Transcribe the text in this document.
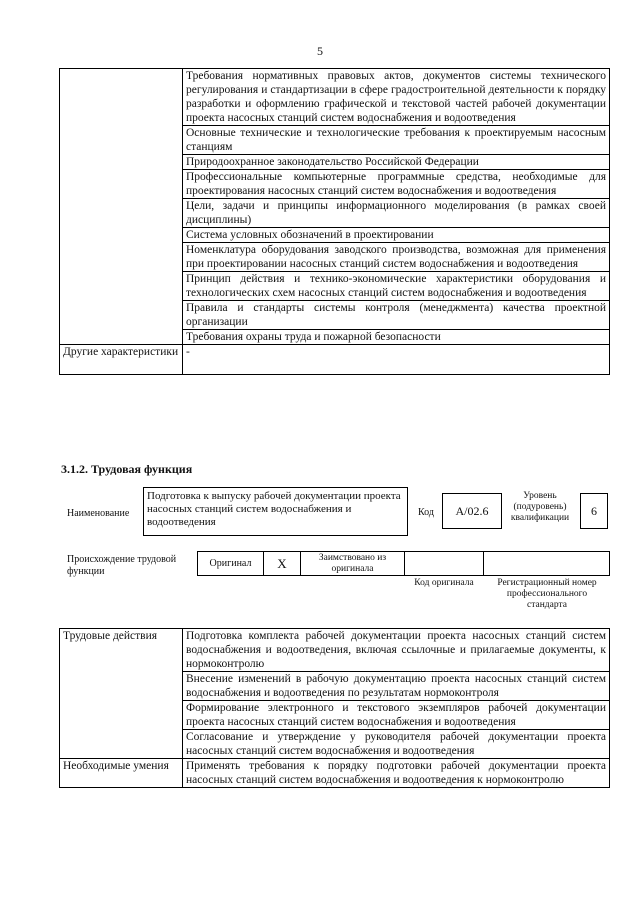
5
	Требования нормативных правовых актов, документов системы технического регулирования и стандартизации в сфере градостроительной деятельности к порядку разработки и оформлению графической и текстовой частей рабочей документации проекта насосных станций систем водоснабжения и водоотведения
	Основные технические и технологические требования к проектируемым насосным станциям
	Природоохранное законодательство Российской Федерации
	Профессиональные компьютерные программные средства, необходимые для проектирования насосных станций систем водоснабжения и водоотведения
	Цели, задачи и принципы информационного моделирования (в рамках своей дисциплины)
	Система условных обозначений в проектировании
	Номенклатура оборудования заводского производства, возможная для применения при проектировании насосных станций систем водоснабжения и водоотведения
	Принцип действия и технико-экономические характеристики оборудования и технологических схем насосных станций систем водоснабжения и водоотведения
	Правила и стандарты системы контроля (менеджмента) качества проектной организации
	Требования охраны труда и пожарной безопасности
Другие характеристики	-
3.1.2. Трудовая функция
Наименование
Подготовка к выпуску рабочей документации проекта насосных станций систем водоснабжения и водоотведения
Код	А/02.6
Уровень (подуровень) квалификации	6
Происхождение трудовой функции
Оригинал	X	Заимствовано из оригинала
Код оригинала	Регистрационный номер профессионального стандарта
Трудовые действия	Подготовка комплекта рабочей документации проекта насосных станций систем водоснабжения и водоотведения, включая ссылочные и прилагаемые документы, к нормоконтролю
	Внесение изменений в рабочую документацию проекта насосных станций систем водоснабжения и водоотведения по результатам нормоконтроля
	Формирование электронного и текстового экземпляров рабочей документации проекта насосных станций систем водоснабжения и водоотведения
	Согласование и утверждение у руководителя рабочей документации проекта насосных станций систем водоснабжения и водоотведения
Необходимые умения	Применять требования к порядку подготовки рабочей документации проекта насосных станций систем водоснабжения и водоотведения к нормоконтролю
